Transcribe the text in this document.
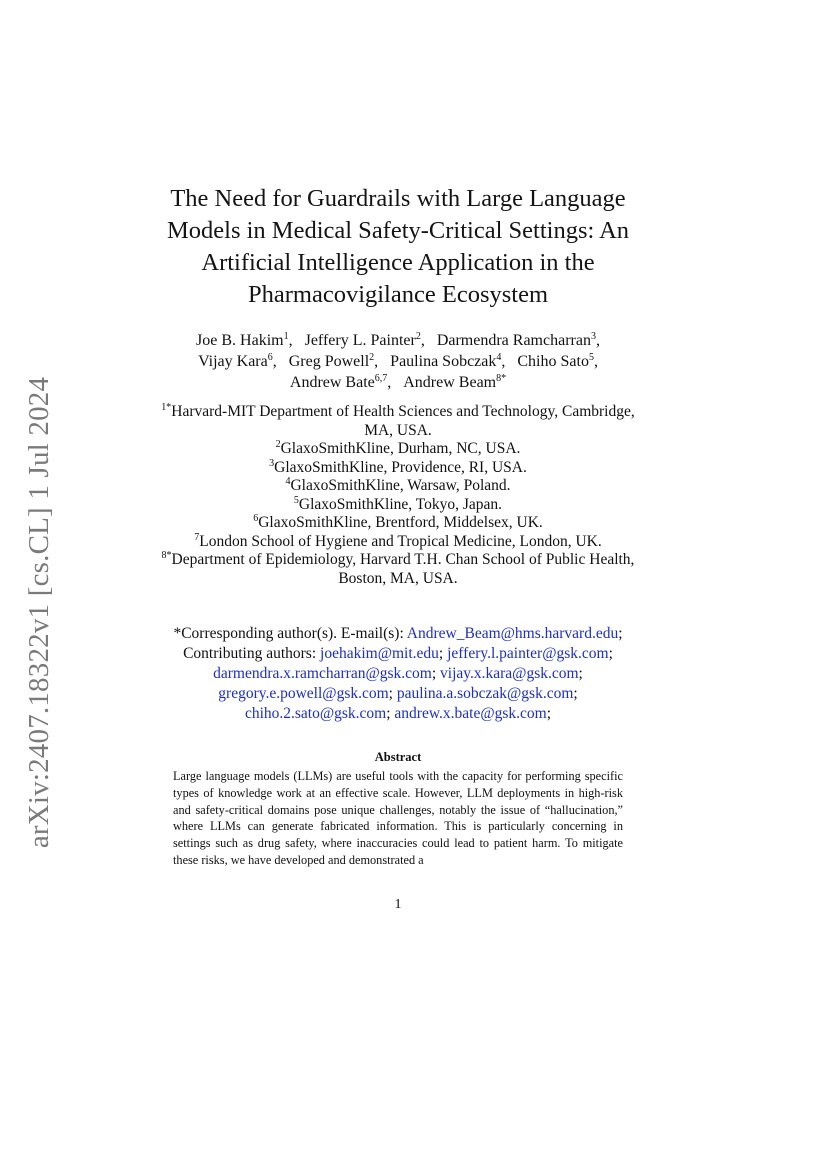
arXiv:2407.18322v1 [cs.CL] 1 Jul 2024
The Need for Guardrails with Large Language
Models in Medical Safety-Critical Settings: An
Artificial Intelligence Application in the
Pharmacovigilance Ecosystem
Joe B. Hakim$^1$, Jeffery L. Painter$^2$, Darmendra Ramcharran$^3$,
Vijay Kara$^6$, Greg Powell$^2$, Paulina Sobczak$^4$, Chiho Sato$^5$,
Andrew Bate$^{6,7}$, Andrew Beam$^{8*}$
$^{1*}$Harvard-MIT Department of Health Sciences and Technology, Cambridge, MA, USA.
$^2$GlaxoSmithKline, Durham, NC, USA.
$^3$GlaxoSmithKline, Providence, RI, USA.
$^4$GlaxoSmithKline, Warsaw, Poland.
$^5$GlaxoSmithKline, Tokyo, Japan.
$^6$GlaxoSmithKline, Brentford, Middelsex, UK.
$^7$London School of Hygiene and Tropical Medicine, London, UK.
$^{8*}$Department of Epidemiology, Harvard T.H. Chan School of Public Health, Boston, MA, USA.
*Corresponding author(s). E-mail(s): Andrew_Beam@hms.harvard.edu;
Contributing authors: joehakim@mit.edu; jeffery.l.painter@gsk.com;
darmendra.x.ramcharran@gsk.com; vijay.x.kara@gsk.com;
gregory.e.powell@gsk.com; paulina.a.sobczak@gsk.com;
chiho.2.sato@gsk.com; andrew.x.bate@gsk.com;
Abstract
Large language models (LLMs) are useful tools with the capacity for performing specific types of knowledge work at an effective scale. However, LLM deployments in high-risk and safety-critical domains pose unique challenges, notably the issue of “hallucination,” where LLMs can generate fabricated information. This is particularly concerning in settings such as drug safety, where inaccuracies could lead to patient harm. To mitigate these risks, we have developed and demonstrated a
1
